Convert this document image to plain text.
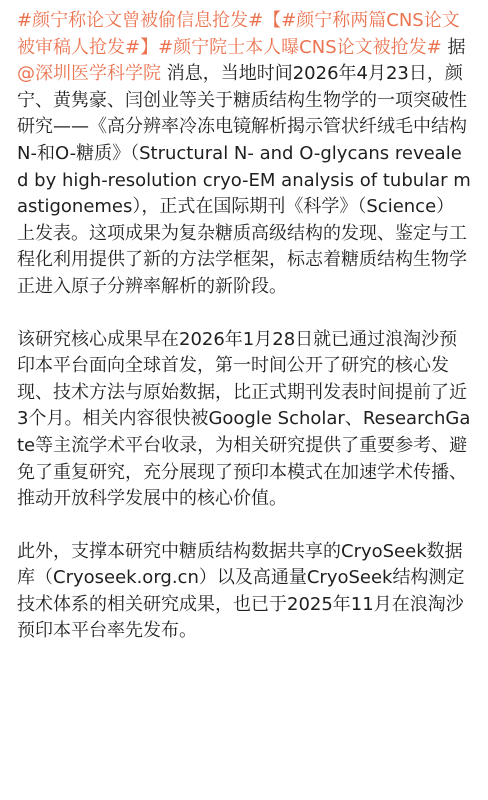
#颜宁称论文曾被偷信息抢发#【#颜宁称两篇CNS论文被审稿人抢发#】#颜宁院士本人曝CNS论文被抢发# 据@深圳医学科学院 消息，当地时间2026年4月23日，颜宁、黄隽豪、闫创业等关于糖质结构生物学的一项突破性研究——《高分辨率冷冻电镜解析揭示管状纤绒毛中结构N-和O-糖质》（Structural N- and O-glycans revealed by high-resolution cryo-EM analysis of tubular mastigonemes），正式在国际期刊《科学》（Science）上发表。这项成果为复杂糖质高级结构的发现、鉴定与工程化利用提供了新的方法学框架，标志着糖质结构生物学正进入原子分辨率解析的新阶段。

该研究核心成果早在2026年1月28日就已通过浪淘沙预印本平台面向全球首发，第一时间公开了研究的核心发现、技术方法与原始数据，比正式期刊发表时间提前了近3个月。相关内容很快被Google Scholar、ResearchGate等主流学术平台收录，为相关研究提供了重要参考、避免了重复研究，充分展现了预印本模式在加速学术传播、推动开放科学发展中的核心价值。

此外，支撑本研究中糖质结构数据共享的CryoSeek数据库（Cryoseek.org.cn）以及高通量CryoSeek结构测定技术体系的相关研究成果，也已于2025年11月在浪淘沙预印本平台率先发布。
